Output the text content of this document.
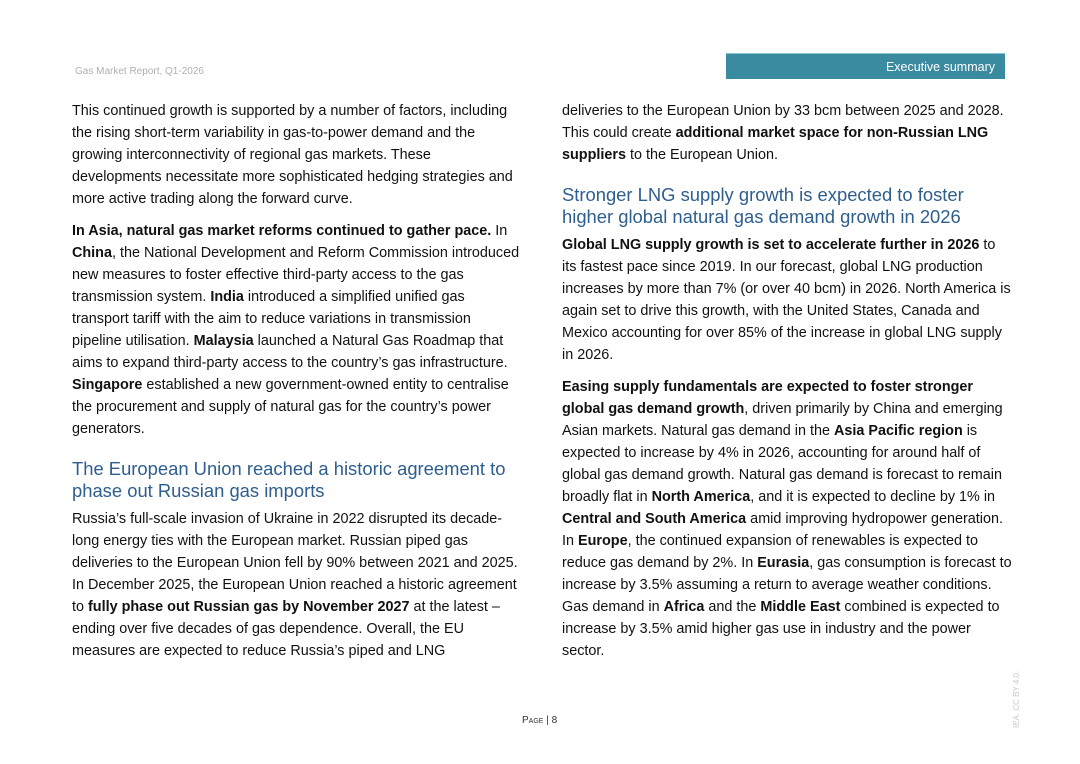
Gas Market Report, Q1-2026	Executive summary

This continued growth is supported by a number of factors, including the rising short-term variability in gas-to-power demand and the growing interconnectivity of regional gas markets. These developments necessitate more sophisticated hedging strategies and more active trading along the forward curve.

In Asia, natural gas market reforms continued to gather pace. In China, the National Development and Reform Commission introduced new measures to foster effective third-party access to the gas transmission system. India introduced a simplified unified gas transport tariff with the aim to reduce variations in transmission pipeline utilisation. Malaysia launched a Natural Gas Roadmap that aims to expand third-party access to the country’s gas infrastructure. Singapore established a new government-owned entity to centralise the procurement and supply of natural gas for the country’s power generators.

The European Union reached a historic agreement to phase out Russian gas imports

Russia’s full-scale invasion of Ukraine in 2022 disrupted its decade-long energy ties with the European market. Russian piped gas deliveries to the European Union fell by 90% between 2021 and 2025. In December 2025, the European Union reached a historic agreement to fully phase out Russian gas by November 2027 at the latest – ending over five decades of gas dependence. Overall, the EU measures are expected to reduce Russia’s piped and LNG

deliveries to the European Union by 33 bcm between 2025 and 2028. This could create additional market space for non-Russian LNG suppliers to the European Union.

Stronger LNG supply growth is expected to foster higher global natural gas demand growth in 2026

Global LNG supply growth is set to accelerate further in 2026 to its fastest pace since 2019. In our forecast, global LNG production increases by more than 7% (or over 40 bcm) in 2026. North America is again set to drive this growth, with the United States, Canada and Mexico accounting for over 85% of the increase in global LNG supply in 2026.

Easing supply fundamentals are expected to foster stronger global gas demand growth, driven primarily by China and emerging Asian markets. Natural gas demand in the Asia Pacific region is expected to increase by 4% in 2026, accounting for around half of global gas demand growth. Natural gas demand is forecast to remain broadly flat in North America, and it is expected to decline by 1% in Central and South America amid improving hydropower generation. In Europe, the continued expansion of renewables is expected to reduce gas demand by 2%. In Eurasia, gas consumption is forecast to increase by 3.5% assuming a return to average weather conditions. Gas demand in Africa and the Middle East combined is expected to increase by 3.5% amid higher gas use in industry and the power sector.

Page | 8	IEA. CC BY 4.0.
